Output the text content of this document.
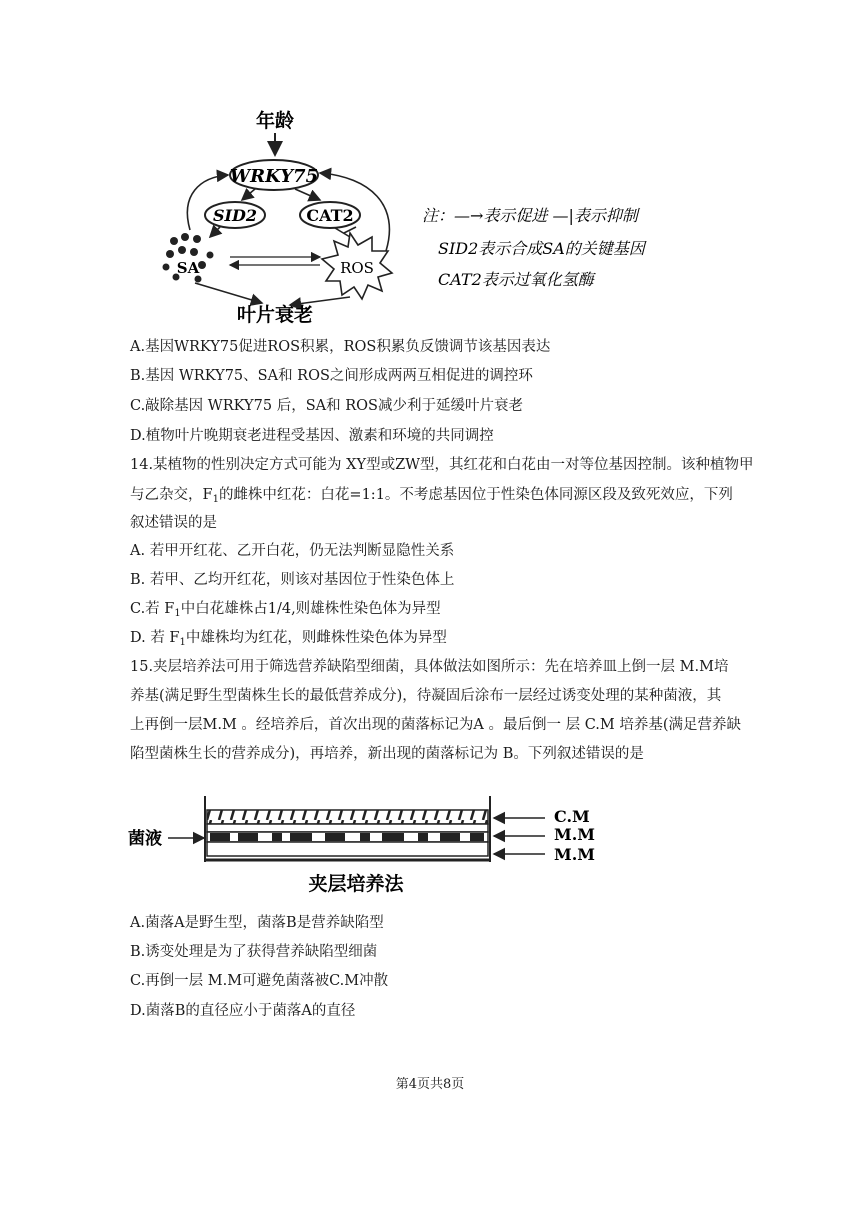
年龄
WRKY75
SID2	CAT2
SA	ROS
叶片衰老
注：—→表示促进 —|表示抑制
SID2表示合成SA的关键基因
CAT2表示过氧化氢酶
A.基因WRKY75促进ROS积累，ROS积累负反馈调节该基因表达
B.基因 WRKY75、SA和 ROS之间形成两两互相促进的调控环
C.敲除基因 WRKY75 后，SA和 ROS减少利于延缓叶片衰老
D.植物叶片晚期衰老进程受基因、激素和环境的共同调控
14.某植物的性别决定方式可能为 XY型或ZW型，其红花和白花由一对等位基因控制。该种植物甲
与乙杂交，$F_1$的雌株中红花：白花=1:1。不考虑基因位于性染色体同源区段及致死效应，下列
叙述错误的是
A. 若甲开红花、乙开白花，仍无法判断显隐性关系
B. 若甲、乙均开红花，则该对基因位于性染色体上
C.若 $F_1$中白花雄株占1/4,则雄株性染色体为异型
D. 若 $F_1$中雄株均为红花，则雌株性染色体为异型
15.夹层培养法可用于筛选营养缺陷型细菌，具体做法如图所示：先在培养皿上倒一层 M.M培
养基(满足野生型菌株生长的最低营养成分)，待凝固后涂布一层经过诱变处理的某种菌液，其
上再倒一层M.M 。经培养后，首次出现的菌落标记为A 。最后倒一 层 C.M 培养基(满足营养缺
陷型菌株生长的营养成分)，再培养，新出现的菌落标记为 B。下列叙述错误的是
菌液
C.M
M.M
M.M
夹层培养法
A.菌落A是野生型，菌落B是营养缺陷型
B.诱变处理是为了获得营养缺陷型细菌
C.再倒一层 M.M可避免菌落被C.M冲散
D.菌落B的直径应小于菌落A的直径
第4页共8页
